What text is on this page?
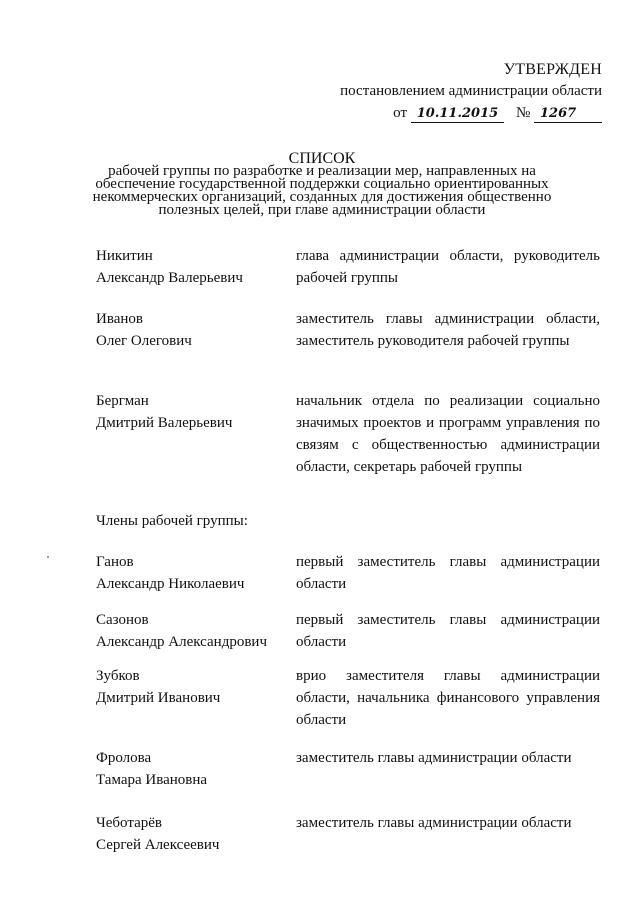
УТВЕРЖДЕН
постановлением администрации области
от 10.11.2015 № 1267
СПИСОК
рабочей группы по разработке и реализации мер, направленных на
обеспечение государственной поддержки социально ориентированных
некоммерческих организаций, созданных для достижения общественно
полезных целей, при главе администрации области
Никитин
Александр Валерьевич
глава администрации области, руководитель рабочей группы
Иванов
Олег Олегович
заместитель главы администрации области, заместитель руководителя рабочей группы
Бергман
Дмитрий Валерьевич
начальник отдела по реализации социально значимых проектов и программ управления по связям с общественностью администрации области, секретарь рабочей группы
Члены рабочей группы:
Ганов
Александр Николаевич
первый заместитель главы администрации области
Сазонов
Александр Александрович
первый заместитель главы администрации области
Зубков
Дмитрий Иванович
врио заместителя главы администрации области, начальника финансового управления области
Фролова
Тамара Ивановна
заместитель главы администрации области
Чеботарёв
Сергей Алексеевич
заместитель главы администрации области
